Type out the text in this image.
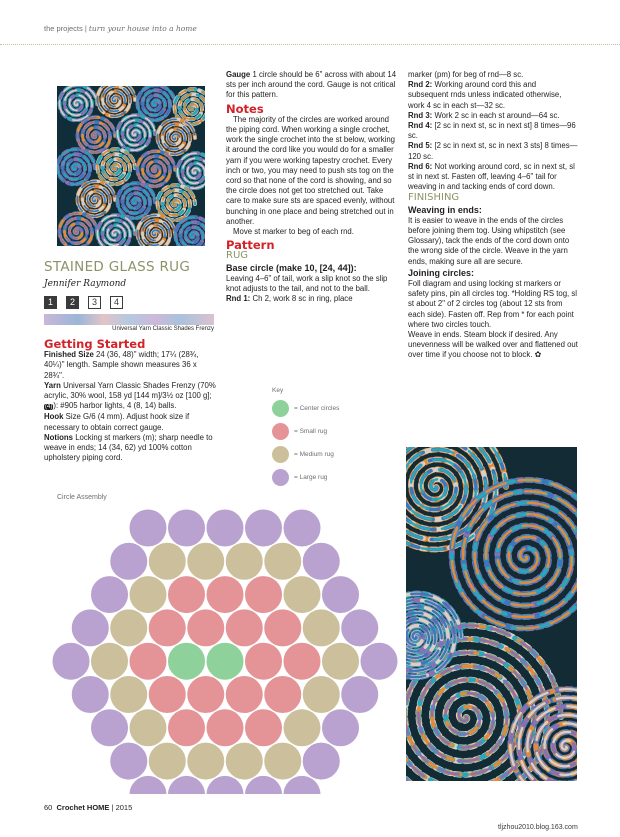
the projects | turn your house into a home
STAINED GLASS RUG
Jennifer Raymond
1	2	3	4
Universal Yarn Classic Shades Frenzy
Getting Started

Finished Size 24 (36, 48)" width; 17¼ (28¾, 40¼)" length. Sample shown measures 36 x 28¾".

Yarn Universal Yarn Classic Shades Frenzy (70% acrylic, 30% wool, 158 yd [144 m]/3½ oz [100 g]; (4)): #905 harbor lights, 4 (8, 14) balls.

Hook Size G/6 (4 mm). Adjust hook size if necessary to obtain correct gauge.

Notions Locking st markers (m); sharp needle to weave in ends; 14 (34, 62) yd 100% cotton upholstery piping cord.

Gauge 1 circle should be 6" across with about 14 sts per inch around the cord. Gauge is not critical for this pattern.

Notes

The majority of the circles are worked around the piping cord. When working a single crochet, work the single crochet into the st below, working it around the cord like you would do for a smaller yarn if you were working tapestry crochet. Every inch or two, you may need to push sts tog on the cord so that none of the cord is showing, and so the circle does not get too stretched out. Take care to make sure sts are spaced evenly, without bunching in one place and being stretched out in another.

Move st marker to beg of each rnd.

Pattern
RUG
Base circle (make 10, [24, 44]):

Leaving 4–6" of tail, work a slip knot so the slip knot adjusts to the tail, and not to the ball.

Rnd 1: Ch 2, work 8 sc in ring, place

marker (pm) for beg of rnd—8 sc.

Rnd 2: Working around cord this and subsequent rnds unless indicated otherwise, work 4 sc in each st—32 sc.

Rnd 3: Work 2 sc in each st around—64 sc.

Rnd 4: [2 sc in next st, sc in next st] 8 times—96 sc.

Rnd 5: [2 sc in next st, sc in next 3 sts] 8 times—120 sc.

Rnd 6: Not working around cord, sc in next st, sl st in next st. Fasten off, leaving 4–6" tail for weaving in and tacking ends of cord down.

FINISHING
Weaving in ends:

It is easier to weave in the ends of the circles before joining them tog. Using whipstitch (see Glossary), tack the ends of the cord down onto the wrong side of the circle. Weave in the yarn ends, making sure all are secure.

Joining circles:

Foll diagram and using locking st markers or safety pins, pin all circles tog. *Holding RS tog, sl st about 2" of 2 circles tog (about 12 sts from each side). Fasten off. Rep from * for each point where two circles touch.

Weave in ends. Steam block if desired. Any unevenness will be walked over and flattened out over time if you choose not to block. ✿

Key
= Center circles
= Small rug
= Medium rug
= Large rug
Circle Assembly
60 Crochet HOME | 2015
tljzhou2010.blog.163.com
